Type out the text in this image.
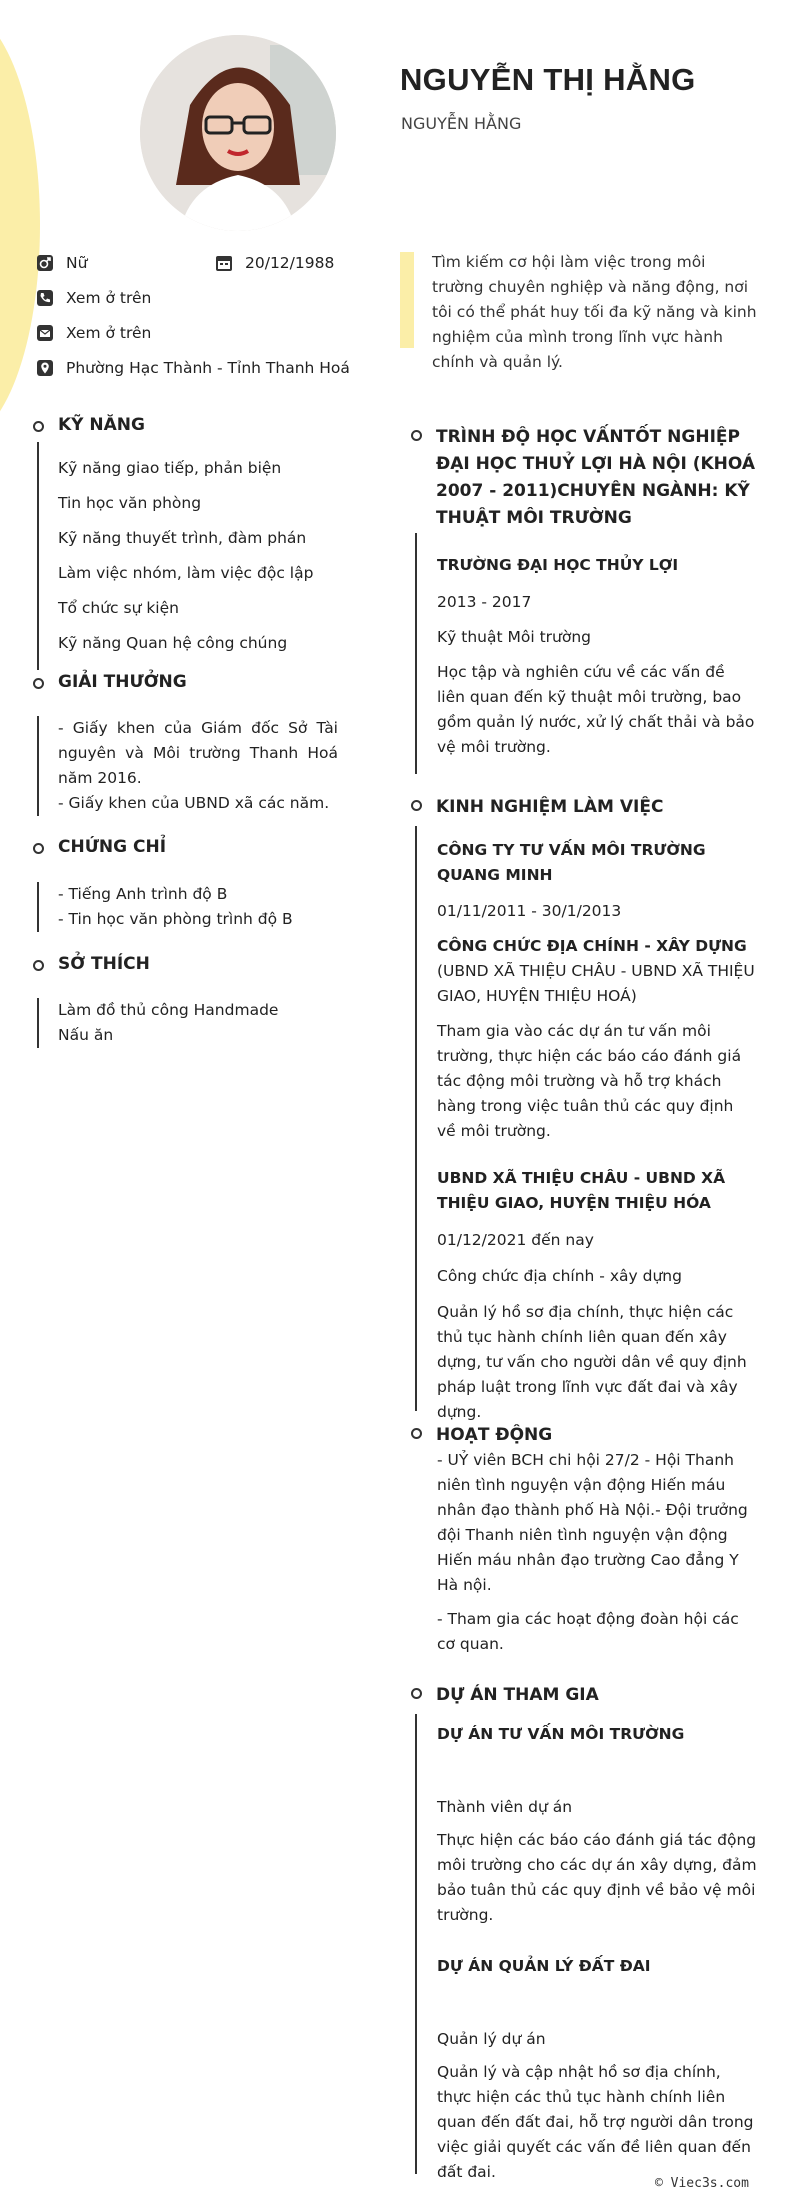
NGUYỄN THỊ HẰNG
NGUYỄN HẰNG
Nữ	20/12/1988
Xem ở trên
Xem ở trên
Phường Hạc Thành - Tỉnh Thanh Hoá
Tìm kiếm cơ hội làm việc trong môi trường chuyên nghiệp và năng động, nơi tôi có thể phát huy tối đa kỹ năng và kinh nghiệm của mình trong lĩnh vực hành chính và quản lý.
KỸ NĂNG
Kỹ năng giao tiếp, phản biện
Tin học văn phòng
Kỹ năng thuyết trình, đàm phán
Làm việc nhóm, làm việc độc lập
Tổ chức sự kiện
Kỹ năng Quan hệ công chúng
GIẢI THƯỞNG
- Giấy khen của Giám đốc Sở Tài nguyên và Môi trường Thanh Hoá năm 2016.
- Giấy khen của UBND xã các năm.
CHỨNG CHỈ
- Tiếng Anh trình độ B
- Tin học văn phòng trình độ B
SỞ THÍCH
Làm đồ thủ công Handmade
Nấu ăn
TRÌNH ĐỘ HỌC VẤNTỐT NGHIỆP ĐẠI HỌC THUỶ LỢI HÀ NỘI (KHOÁ 2007 - 2011)CHUYÊN NGÀNH: KỸ THUẬT MÔI TRƯỜNG
TRƯỜNG ĐẠI HỌC THỦY LỢI
2013 - 2017
Kỹ thuật Môi trường
Học tập và nghiên cứu về các vấn đề liên quan đến kỹ thuật môi trường, bao gồm quản lý nước, xử lý chất thải và bảo vệ môi trường.
KINH NGHIỆM LÀM VIỆC
CÔNG TY TƯ VẤN MÔI TRƯỜNG QUANG MINH
01/11/2011 - 30/1/2013
CÔNG CHỨC ĐỊA CHÍNH - XÂY DỰNG
(UBND XÃ THIỆU CHÂU - UBND XÃ THIỆU GIAO, HUYỆN THIỆU HOÁ)
Tham gia vào các dự án tư vấn môi trường, thực hiện các báo cáo đánh giá tác động môi trường và hỗ trợ khách hàng trong việc tuân thủ các quy định về môi trường.
UBND XÃ THIỆU CHÂU - UBND XÃ THIỆU GIAO, HUYỆN THIỆU HÓA
01/12/2021 đến nay
Công chức địa chính - xây dựng
Quản lý hồ sơ địa chính, thực hiện các thủ tục hành chính liên quan đến xây dựng, tư vấn cho người dân về quy định pháp luật trong lĩnh vực đất đai và xây dựng.
HOẠT ĐỘNG
- UỶ viên BCH chi hội 27/2 - Hội Thanh niên tình nguyện vận động Hiến máu nhân đạo thành phố Hà Nội.- Đội trưởng đội Thanh niên tình nguyện vận động Hiến máu nhân đạo trường Cao đẳng Y Hà nội.
- Tham gia các hoạt động đoàn hội các cơ quan.
DỰ ÁN THAM GIA
DỰ ÁN TƯ VẤN MÔI TRƯỜNG
Thành viên dự án
Thực hiện các báo cáo đánh giá tác động môi trường cho các dự án xây dựng, đảm bảo tuân thủ các quy định về bảo vệ môi trường.
DỰ ÁN QUẢN LÝ ĐẤT ĐAI
Quản lý dự án
Quản lý và cập nhật hồ sơ địa chính, thực hiện các thủ tục hành chính liên quan đến đất đai, hỗ trợ người dân trong việc giải quyết các vấn đề liên quan đến đất đai.
© Viec3s.com
